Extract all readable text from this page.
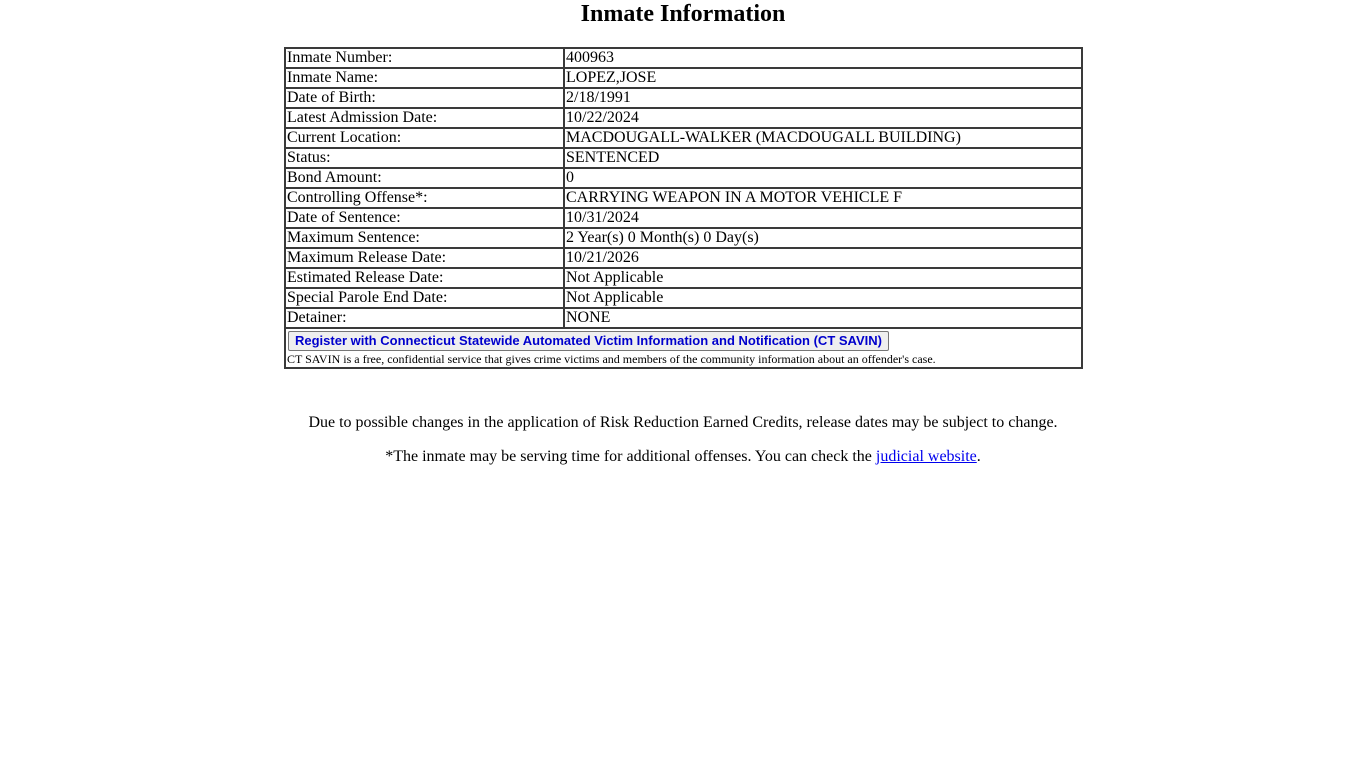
Inmate Information
Inmate Number:	400963
Inmate Name:	LOPEZ,JOSE
Date of Birth:	2/18/1991
Latest Admission Date:	10/22/2024
Current Location:	MACDOUGALL-WALKER (MACDOUGALL BUILDING)
Status:	SENTENCED
Bond Amount:	0
Controlling Offense*:	CARRYING WEAPON IN A MOTOR VEHICLE F
Date of Sentence:	10/31/2024
Maximum Sentence:	2 Year(s) 0 Month(s) 0 Day(s)
Maximum Release Date:	10/21/2026
Estimated Release Date:	Not Applicable
Special Parole End Date:	Not Applicable
Detainer:	NONE
Register with Connecticut Statewide Automated Victim Information and Notification (CT SAVIN)
CT SAVIN is a free, confidential service that gives crime victims and members of the community information about an offender's case.	

Due to possible changes in the application of Risk Reduction Earned Credits, release dates may be subject to change.

*The inmate may be serving time for additional offenses. You can check the judicial website.
